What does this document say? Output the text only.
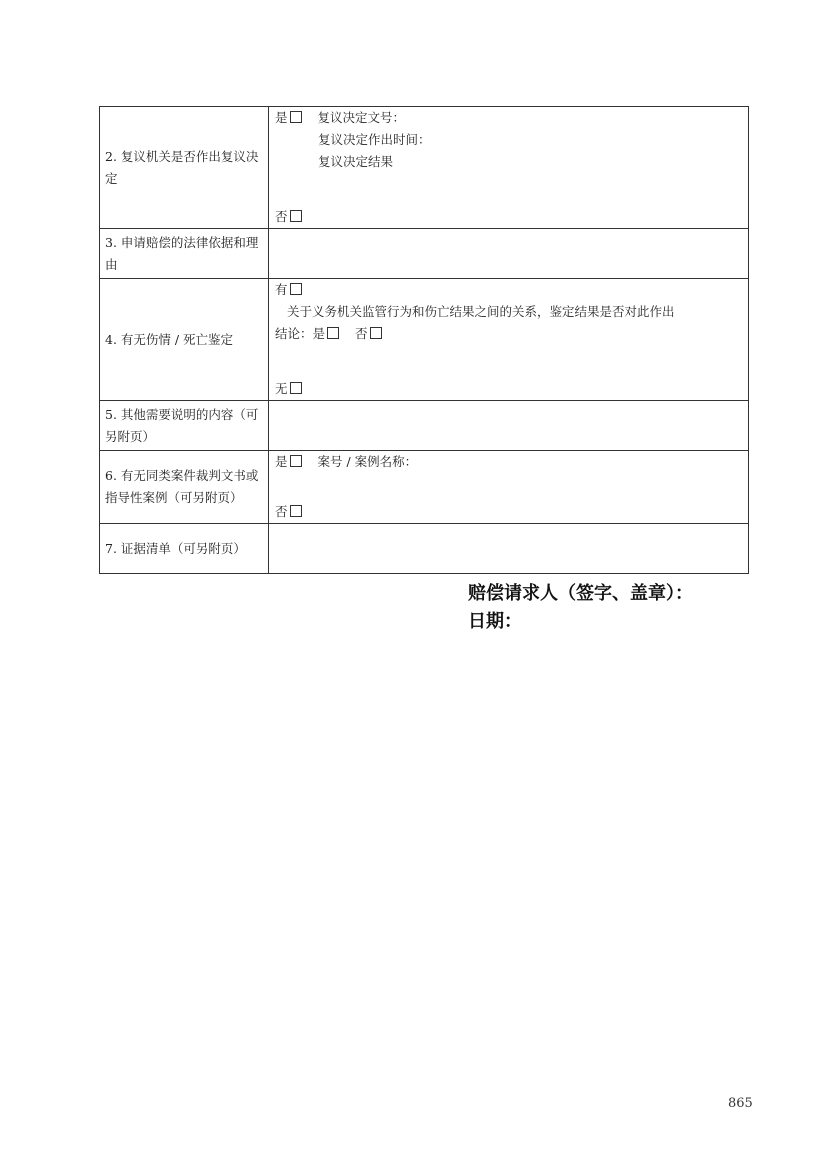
2. 复议机关是否作出复议决定	是 复议决定文号：
复议决定作出时间：
复议决定结果
否

3. 申请赔偿的法律依据和理由	

4. 有无伤情 / 死亡鉴定	有
关于义务机关监管行为和伤亡结果之间的关系，鉴定结果是否对此作出
结论：是 否
无

5. 其他需要说明的内容（可另附页）	

6. 有无同类案件裁判文书或指导性案例（可另附页）	是 案号 / 案例名称：
否

7. 证据清单（可另附页）	

赔偿请求人（签字、盖章）：
日期：
865
